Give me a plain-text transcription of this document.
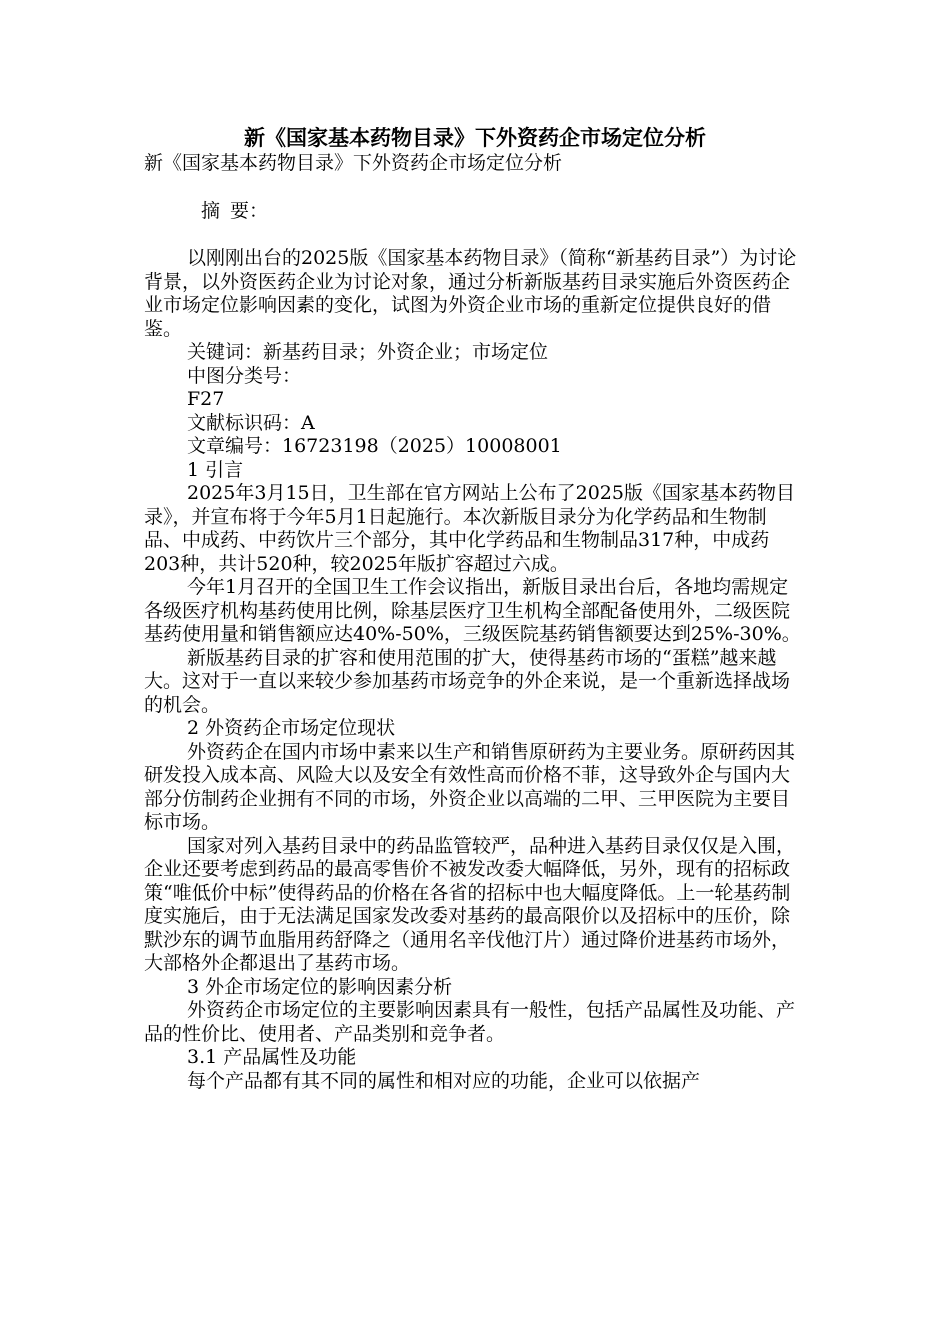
新《国家基本药物目录》下外资药企市场定位分析

新《国家基本药物目录》下外资药企市场定位分析

摘 要：

以刚刚出台的2025版《国家基本药物目录》（简称“新基药目录”）为讨论背景，以外资医药企业为讨论对象，通过分析新版基药目录实施后外资医药企业市场定位影响因素的变化，试图为外资企业市场的重新定位提供良好的借鉴。

关键词：新基药目录；外资企业；市场定位

中图分类号：

F27

文献标识码：A

文章编号：16723198（2025）10008001

1 引言

2025年3月15日，卫生部在官方网站上公布了2025版《国家基本药物目录》，并宣布将于今年5月1日起施行。本次新版目录分为化学药品和生物制品、中成药、中药饮片三个部分，其中化学药品和生物制品317种，中成药203种，共计520种，较2025年版扩容超过六成。

今年1月召开的全国卫生工作会议指出，新版目录出台后，各地均需规定各级医疗机构基药使用比例，除基层医疗卫生机构全部配备使用外，二级医院基药使用量和销售额应达40%-50%，三级医院基药销售额要达到25%-30%。

新版基药目录的扩容和使用范围的扩大，使得基药市场的“蛋糕”越来越大。这对于一直以来较少参加基药市场竞争的外企来说，是一个重新选择战场的机会。

2 外资药企市场定位现状

外资药企在国内市场中素来以生产和销售原研药为主要业务。原研药因其研发投入成本高、风险大以及安全有效性高而价格不菲，这导致外企与国内大部分仿制药企业拥有不同的市场，外资企业以高端的二甲、三甲医院为主要目标市场。

国家对列入基药目录中的药品监管较严，品种进入基药目录仅仅是入围，企业还要考虑到药品的最高零售价不被发改委大幅降低，另外，现有的招标政策“唯低价中标”使得药品的价格在各省的招标中也大幅度降低。上一轮基药制度实施后，由于无法满足国家发改委对基药的最高限价以及招标中的压价，除默沙东的调节血脂用药舒降之（通用名辛伐他汀片）通过降价进基药市场外，大部格外企都退出了基药市场。

3 外企市场定位的影响因素分析

外资药企市场定位的主要影响因素具有一般性，包括产品属性及功能、产品的性价比、使用者、产品类别和竞争者。

3.1 产品属性及功能

每个产品都有其不同的属性和相对应的功能，企业可以依据产
